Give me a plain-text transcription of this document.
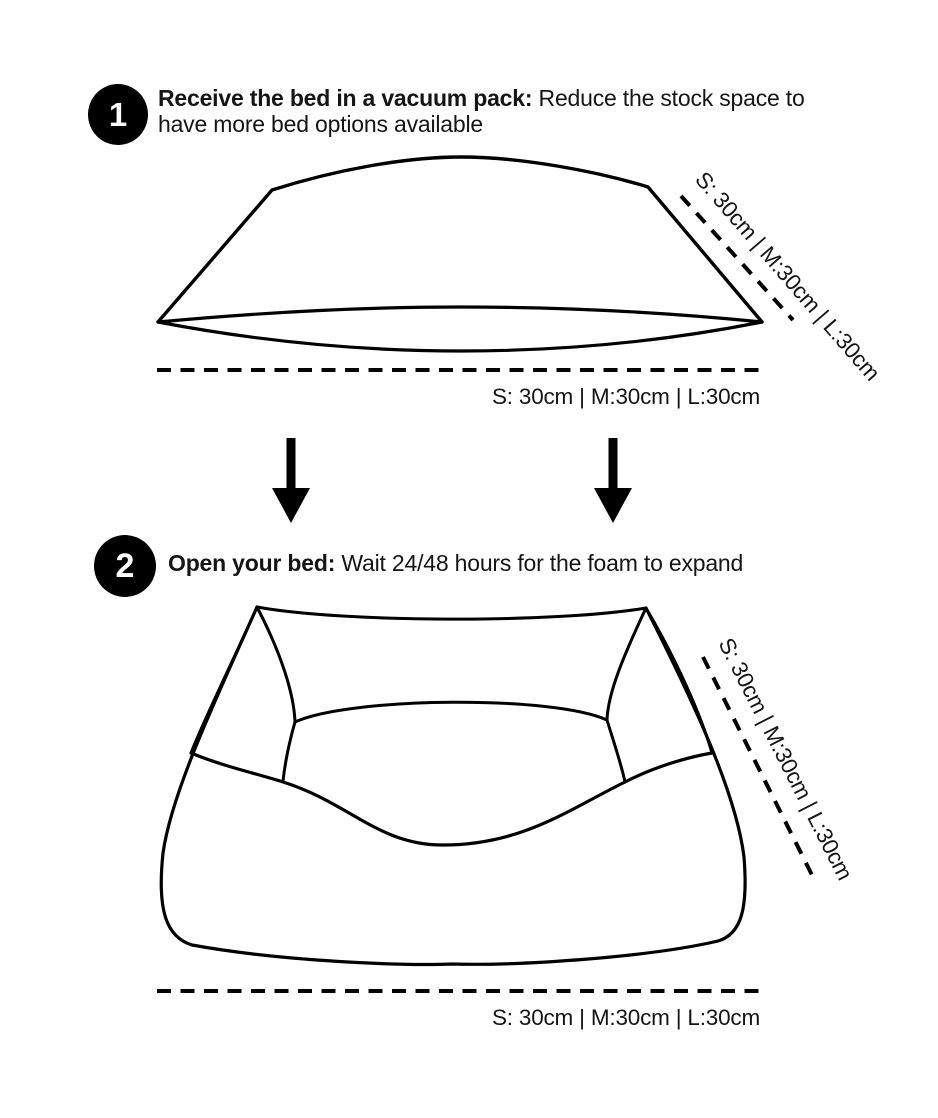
1 Receive the bed in a vacuum pack: Reduce the stock space to have more bed options available

S: 30cm | M:30cm | L:30cm
S: 30cm | M:30cm | L:30cm
2 Open your bed: Wait 24/48 hours for the foam to expand

S: 30cm | M:30cm | L:30cm
S: 30cm | M:30cm | L:30cm
